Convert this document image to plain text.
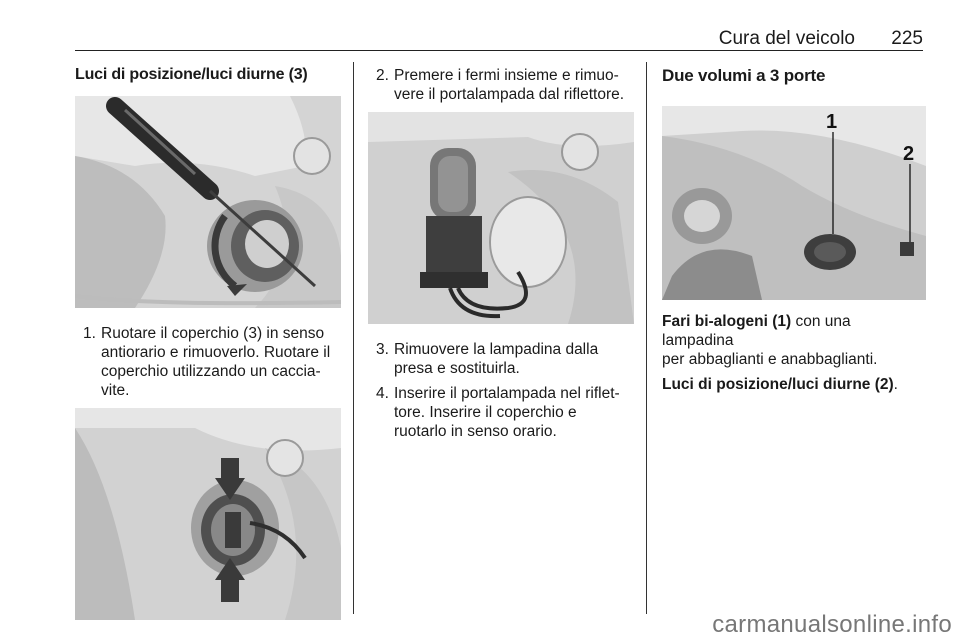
Cura del veicolo 225
Luci di posizione/luci diurne (3)
1. Ruotare il coperchio (3) in senso
antiorario e rimuoverlo. Ruotare il
coperchio utilizzando un caccia-
vite.
2. Premere i fermi insieme e rimuo-
vere il portalampada dal riflettore.
3. Rimuovere la lampadina dalla
presa e sostituirla.
4. Inserire il portalampada nel riflet-
tore. Inserire il coperchio e
ruotarlo in senso orario.
Due volumi a 3 porte
1
2

Fari bi-alogeni (1) con una lampadina
per abbaglianti e anabbaglianti.

Luci di posizione/luci diurne (2).

carmanualsonline.info
